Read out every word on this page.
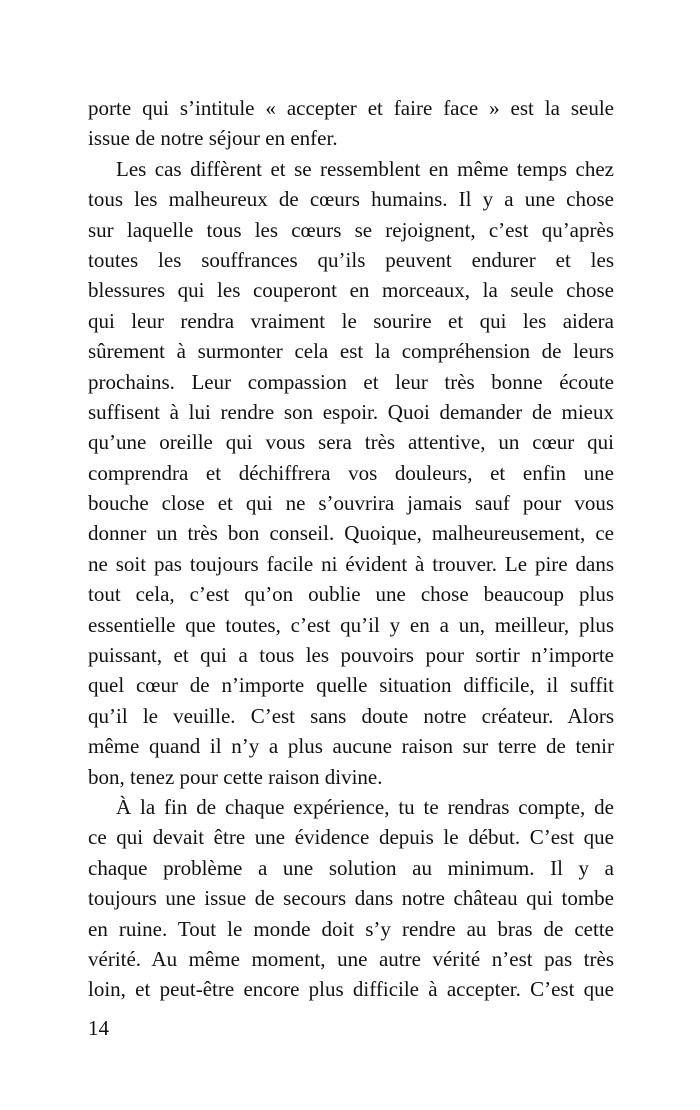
porte qui s’intitule « accepter et faire face » est la seule
issue de notre séjour en enfer.
Les cas diffèrent et se ressemblent en même temps chez
tous les malheureux de cœurs humains. Il y a une chose
sur laquelle tous les cœurs se rejoignent, c’est qu’après
toutes les souffrances qu’ils peuvent endurer et les
blessures qui les couperont en morceaux, la seule chose
qui leur rendra vraiment le sourire et qui les aidera
sûrement à surmonter cela est la compréhension de leurs
prochains. Leur compassion et leur très bonne écoute
suffisent à lui rendre son espoir. Quoi demander de mieux
qu’une oreille qui vous sera très attentive, un cœur qui
comprendra et déchiffrera vos douleurs, et enfin une
bouche close et qui ne s’ouvrira jamais sauf pour vous
donner un très bon conseil. Quoique, malheureusement, ce
ne soit pas toujours facile ni évident à trouver. Le pire dans
tout cela, c’est qu’on oublie une chose beaucoup plus
essentielle que toutes, c’est qu’il y en a un, meilleur, plus
puissant, et qui a tous les pouvoirs pour sortir n’importe
quel cœur de n’importe quelle situation difficile, il suffit
qu’il le veuille. C’est sans doute notre créateur. Alors
même quand il n’y a plus aucune raison sur terre de tenir
bon, tenez pour cette raison divine.
À la fin de chaque expérience, tu te rendras compte, de
ce qui devait être une évidence depuis le début. C’est que
chaque problème a une solution au minimum. Il y a
toujours une issue de secours dans notre château qui tombe
en ruine. Tout le monde doit s’y rendre au bras de cette
vérité. Au même moment, une autre vérité n’est pas très
loin, et peut-être encore plus difficile à accepter. C’est que
14
